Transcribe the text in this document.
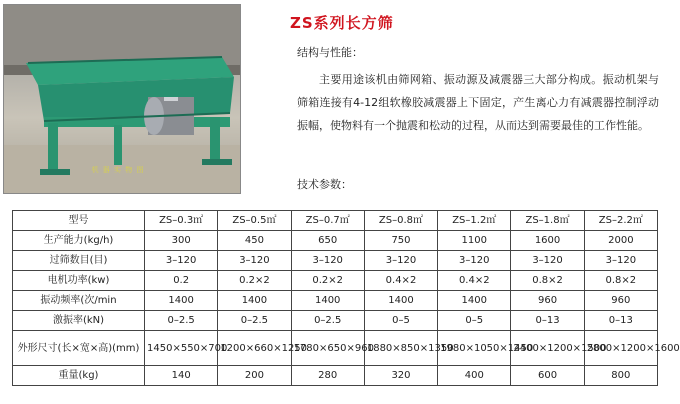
机 器 实 物 图
ZS系列长方筛
结构与性能：
主要用途该机由筛网箱、振动源及减震器三大部分构成。振动机架与筛箱连接有4-12组软橡胶减震器上下固定，产生离心力有减震器控制浮动振幅，使物料有一个抛震和松动的过程，从而达到需要最佳的工作性能。
技术参数：
型号	ZS–0.3㎡	ZS–0.5㎡	ZS–0.7㎡	ZS–0.8㎡	ZS–1.2㎡	ZS–1.8㎡	ZS–2.2㎡
生产能力(kg/h)	300	450	650	750	1100	1600	2000
过筛数目(目)	3–120	3–120	3–120	3–120	3–120	3–120	3–120
电机功率(kw)	0.2	0.2×2	0.2×2	0.4×2	0.4×2	0.8×2	0.8×2
振动频率(次/min	1400	1400	1400	1400	1400	960	960
激振率(kN)	0–2.5	0–2.5	0–2.5	0–5	0–5	0–13	0–13
外形尺寸(长×宽×高)(mm)	1450×550×700	1200×660×1250	1780×650×960	1880×850×1350	1980×1050×1450	2400×1200×1500	2800×1200×1600
重量(kg)	140	200	280	320	400	600	800
